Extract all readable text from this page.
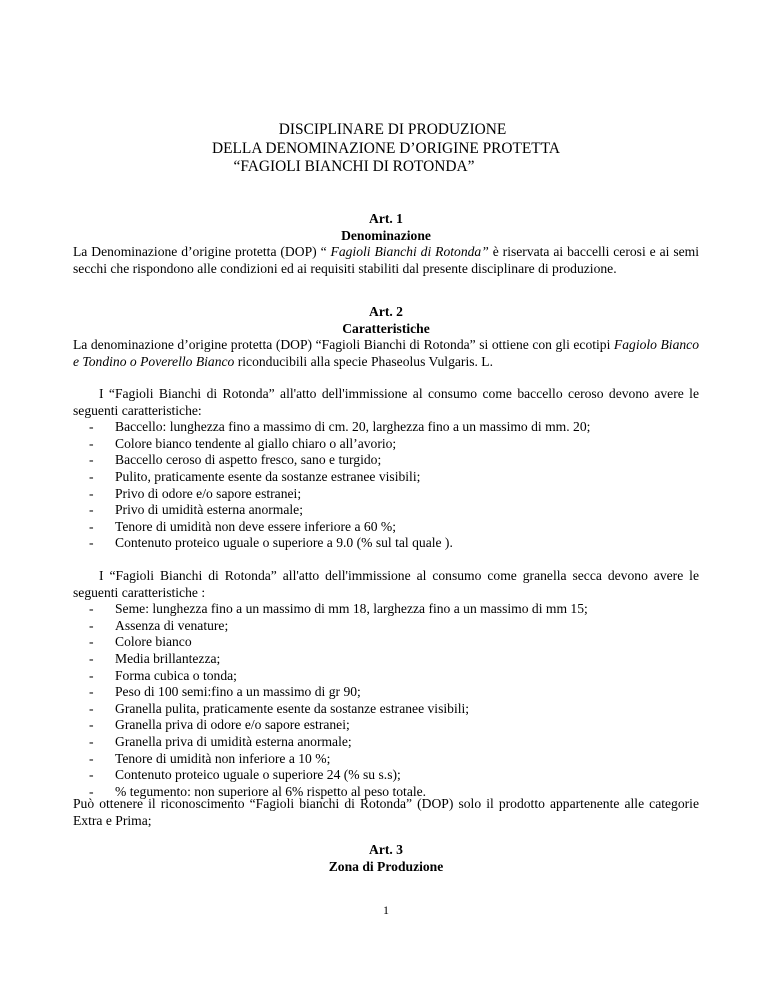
DISCIPLINARE DI PRODUZIONE
DELLA DENOMINAZIONE D’ORIGINE PROTETTA
“FAGIOLI BIANCHI DI ROTONDA”
Art. 1
Denominazione
La Denominazione d’origine protetta (DOP) “ Fagioli Bianchi di Rotonda” è riservata ai baccelli cerosi e ai semi secchi che rispondono alle condizioni ed ai requisiti stabiliti dal presente disciplinare di produzione.
Art. 2
Caratteristiche
La denominazione d’origine protetta (DOP) “Fagioli Bianchi di Rotonda” si ottiene con gli ecotipi Fagiolo Bianco e Tondino o Poverello Bianco riconducibili alla specie Phaseolus Vulgaris. L.
I “Fagioli Bianchi di Rotonda” all'atto dell'immissione al consumo come baccello ceroso devono avere le seguenti caratteristiche:
- Baccello: lunghezza fino a massimo di cm. 20, larghezza fino a un massimo di mm. 20;
- Colore bianco tendente al giallo chiaro o all’avorio;
- Baccello ceroso di aspetto fresco, sano e turgido;
- Pulito, praticamente esente da sostanze estranee visibili;
- Privo di odore e/o sapore estranei;
- Privo di umidità esterna anormale;
- Tenore di umidità non deve essere inferiore a 60 %;
- Contenuto proteico uguale o superiore a 9.0 (% sul tal quale ).
I “Fagioli Bianchi di Rotonda” all'atto dell'immissione al consumo come granella secca devono avere le seguenti caratteristiche :
- Seme: lunghezza fino a un massimo di mm 18, larghezza fino a un massimo di mm 15;
- Assenza di venature;
- Colore bianco
- Media brillantezza;
- Forma cubica o tonda;
- Peso di 100 semi:fino a un massimo di gr 90;
- Granella pulita, praticamente esente da sostanze estranee visibili;
- Granella priva di odore e/o sapore estranei;
- Granella priva di umidità esterna anormale;
- Tenore di umidità non inferiore a 10 %;
- Contenuto proteico uguale o superiore 24 (% su s.s);
- % tegumento: non superiore al 6% rispetto al peso totale.
Può ottenere il riconoscimento “Fagioli bianchi di Rotonda” (DOP) solo il prodotto appartenente alle categorie Extra e Prima;
Art. 3
Zona di Produzione
1
